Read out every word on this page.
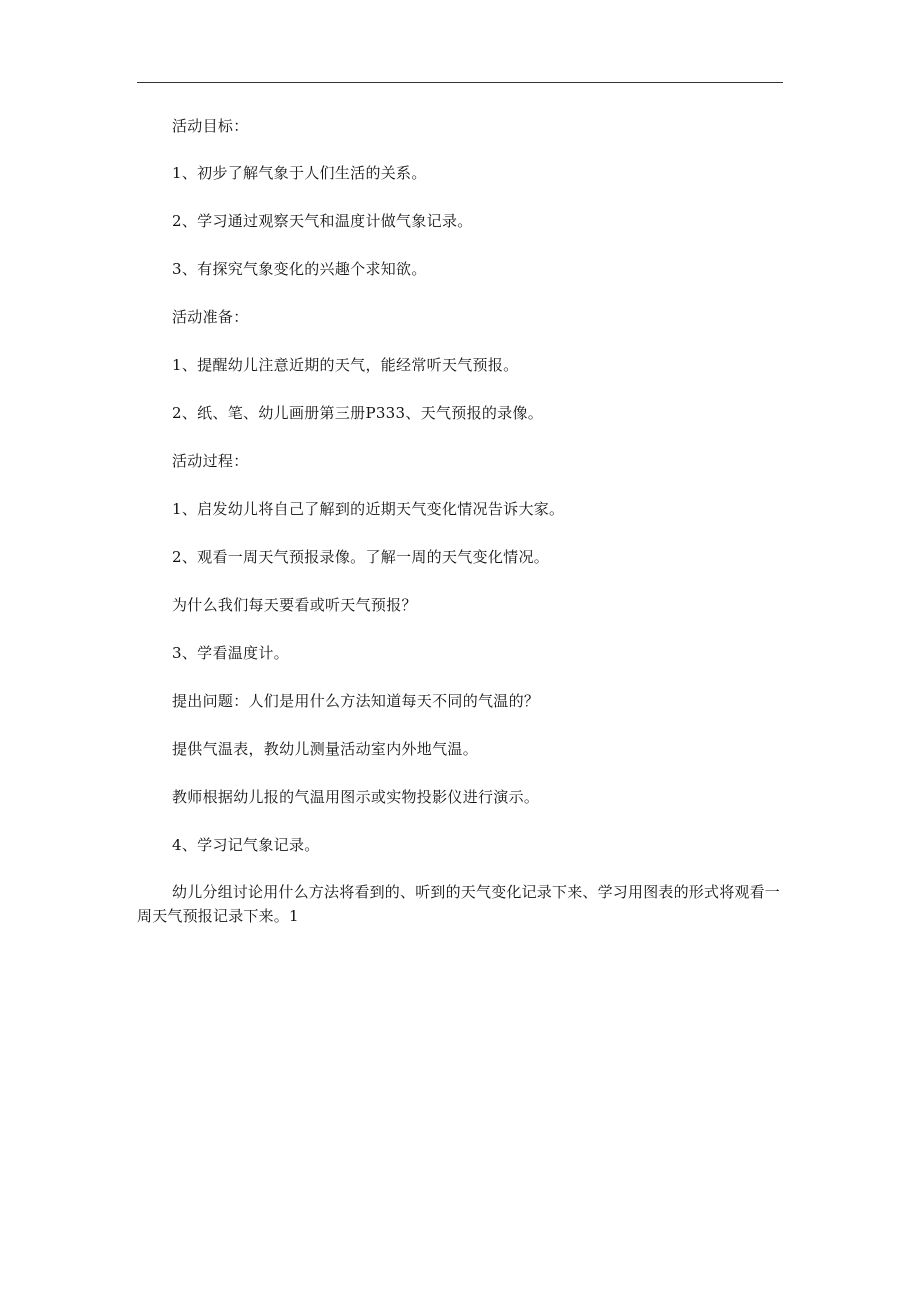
活动目标：

1、初步了解气象于人们生活的关系。

2、学习通过观察天气和温度计做气象记录。

3、有探究气象变化的兴趣个求知欲。

活动准备：

1、提醒幼儿注意近期的天气，能经常听天气预报。

2、纸、笔、幼儿画册第三册P333、天气预报的录像。

活动过程：

1、启发幼儿将自己了解到的近期天气变化情况告诉大家。

2、观看一周天气预报录像。了解一周的天气变化情况。

为什么我们每天要看或听天气预报？

3、学看温度计。

提出问题：人们是用什么方法知道每天不同的气温的？

提供气温表，教幼儿测量活动室内外地气温。

教师根据幼儿报的气温用图示或实物投影仪进行演示。

4、学习记气象记录。

幼儿分组讨论用什么方法将看到的、听到的天气变化记录下来、学习用图表的形式将观看一周天气预报记录下来。1
